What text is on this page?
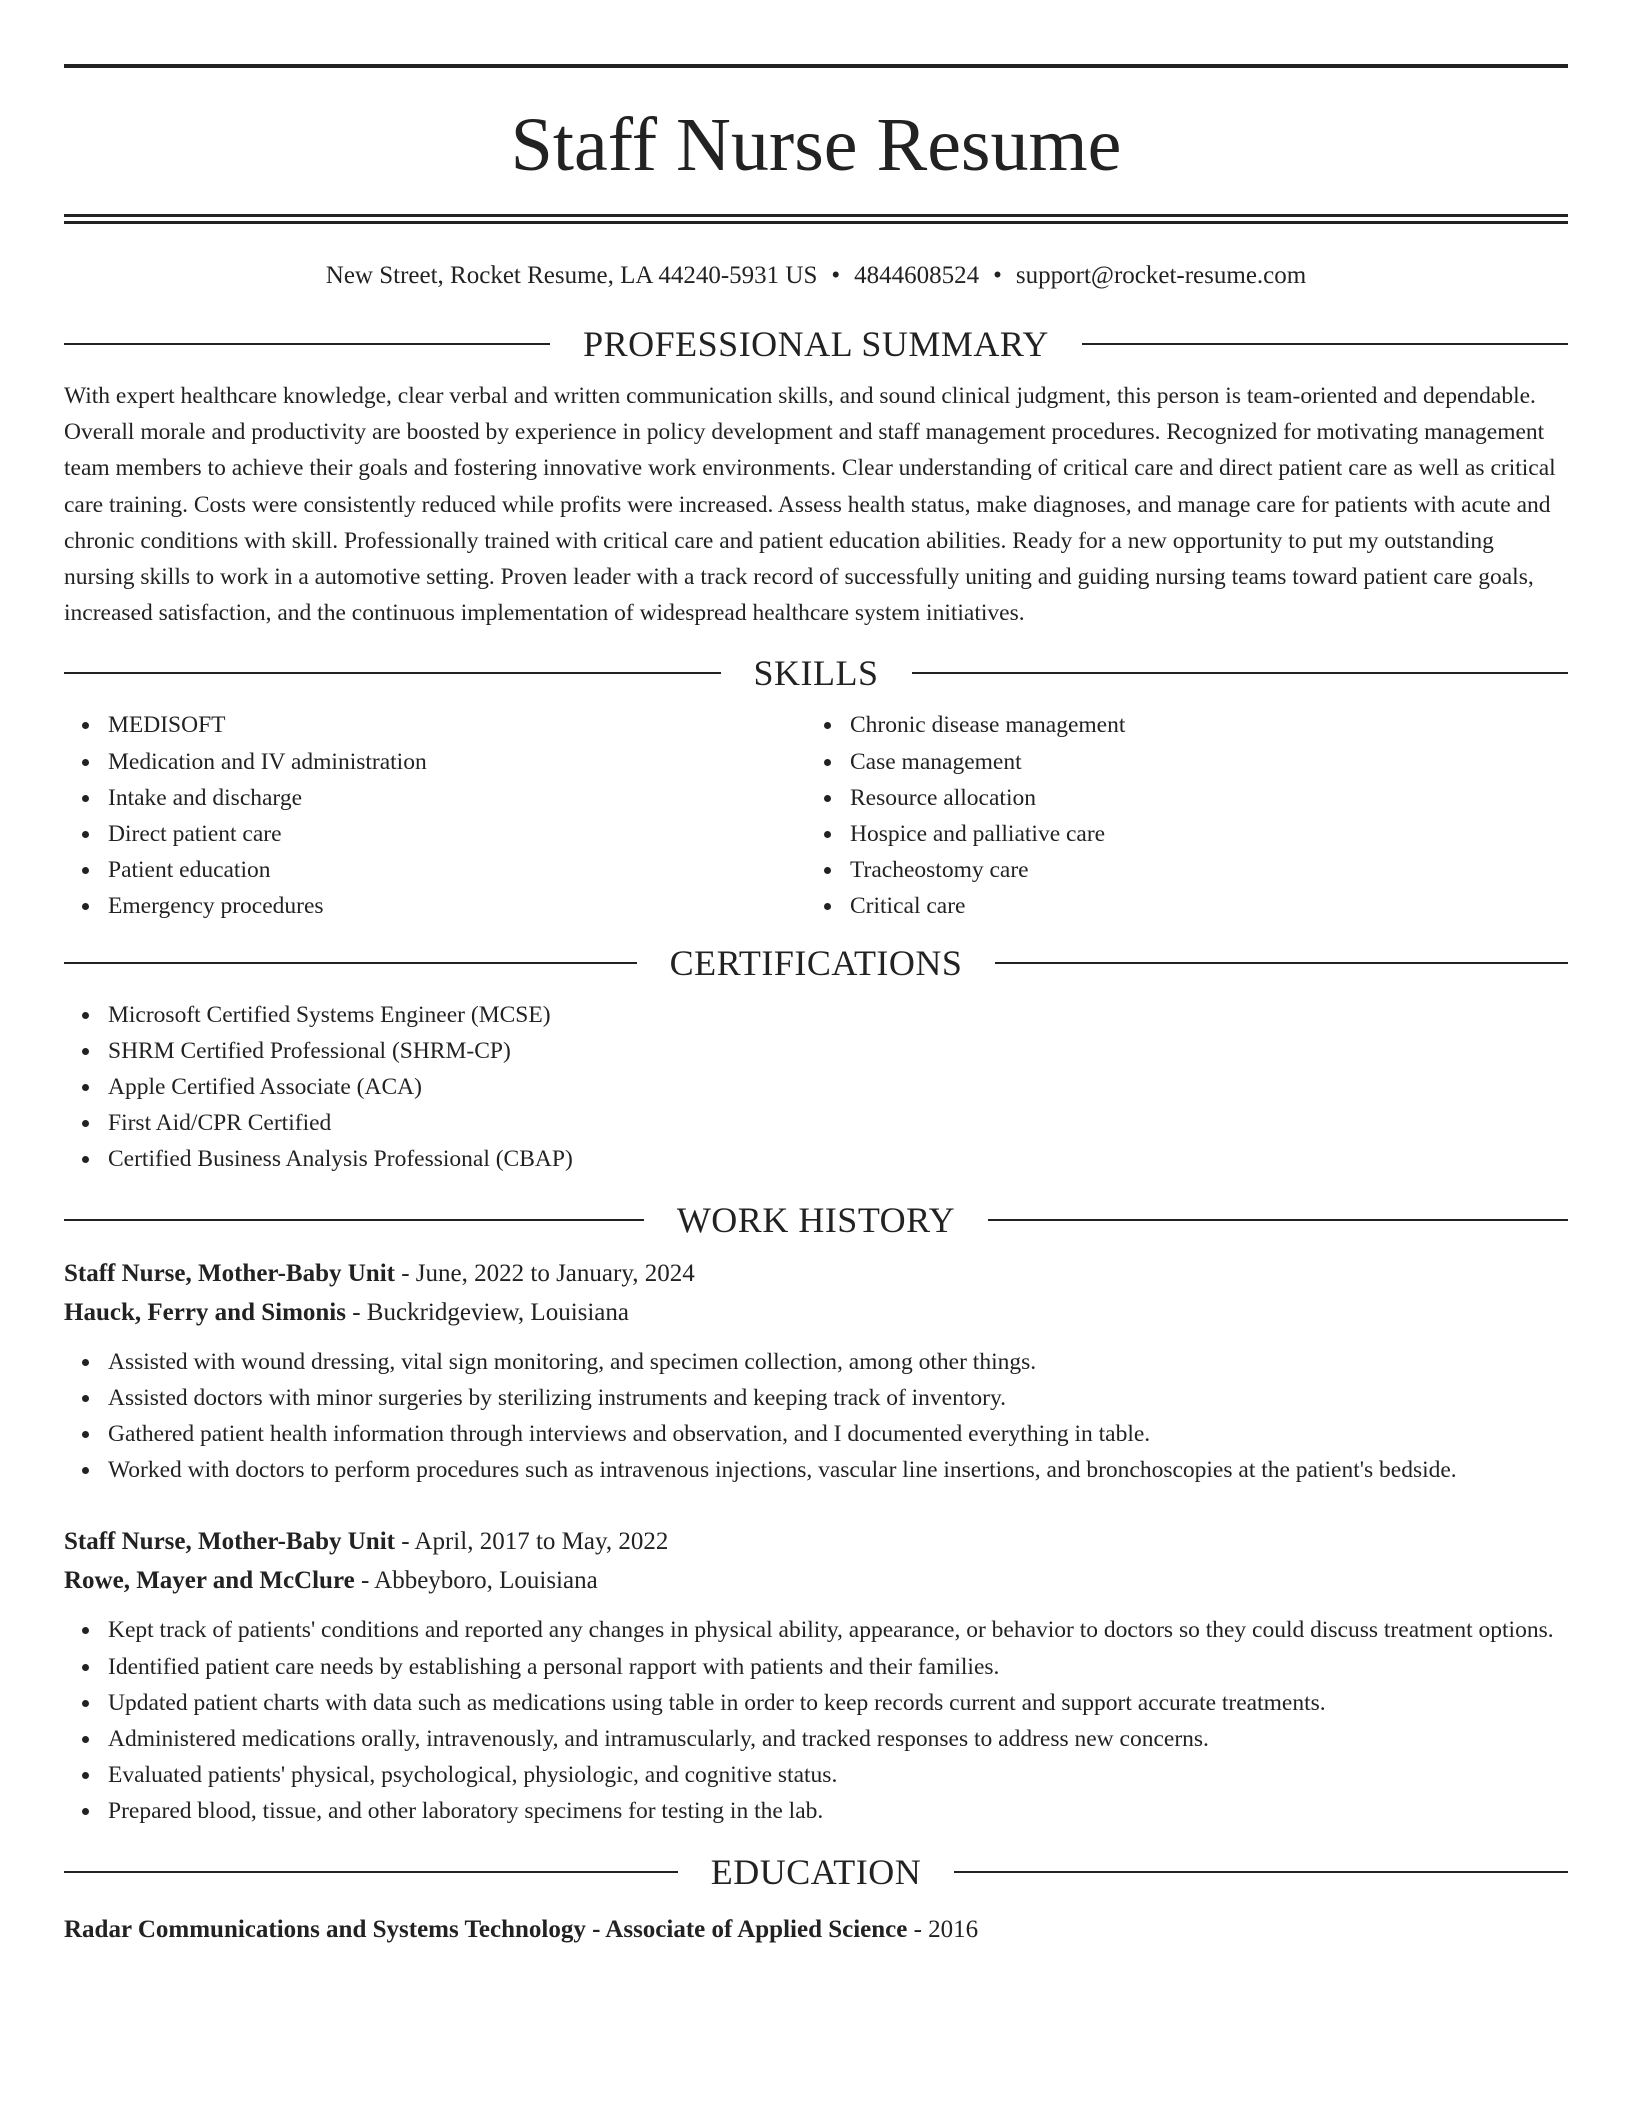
Staff Nurse Resume
New Street, Rocket Resume, LA 44240-5931 US • 4844608524 • support@rocket-resume.com
PROFESSIONAL SUMMARY

With expert healthcare knowledge, clear verbal and written communication skills, and sound clinical judgment, this person is team-oriented and dependable. Overall morale and productivity are boosted by experience in policy development and staff management procedures. Recognized for motivating management team members to achieve their goals and fostering innovative work environments. Clear understanding of critical care and direct patient care as well as critical care training. Costs were consistently reduced while profits were increased. Assess health status, make diagnoses, and manage care for patients with acute and chronic conditions with skill. Professionally trained with critical care and patient education abilities. Ready for a new opportunity to put my outstanding nursing skills to work in a automotive setting. Proven leader with a track record of successfully uniting and guiding nursing teams toward patient care goals, increased satisfaction, and the continuous implementation of widespread healthcare system initiatives.

SKILLS
MEDISOFT
Medication and IV administration
Intake and discharge
Direct patient care
Patient education
Emergency procedures
Chronic disease management
Case management
Resource allocation
Hospice and palliative care
Tracheostomy care
Critical care
CERTIFICATIONS
Microsoft Certified Systems Engineer (MCSE)
SHRM Certified Professional (SHRM-CP)
Apple Certified Associate (ACA)
First Aid/CPR Certified
Certified Business Analysis Professional (CBAP)
WORK HISTORY
Staff Nurse, Mother-Baby Unit - June, 2022 to January, 2024
Hauck, Ferry and Simonis - Buckridgeview, Louisiana
Assisted with wound dressing, vital sign monitoring, and specimen collection, among other things.
Assisted doctors with minor surgeries by sterilizing instruments and keeping track of inventory.
Gathered patient health information through interviews and observation, and I documented everything in table.
Worked with doctors to perform procedures such as intravenous injections, vascular line insertions, and bronchoscopies at the patient's bedside.
Staff Nurse, Mother-Baby Unit - April, 2017 to May, 2022
Rowe, Mayer and McClure - Abbeyboro, Louisiana
Kept track of patients' conditions and reported any changes in physical ability, appearance, or behavior to doctors so they could discuss treatment options.
Identified patient care needs by establishing a personal rapport with patients and their families.
Updated patient charts with data such as medications using table in order to keep records current and support accurate treatments.
Administered medications orally, intravenously, and intramuscularly, and tracked responses to address new concerns.
Evaluated patients' physical, psychological, physiologic, and cognitive status.
Prepared blood, tissue, and other laboratory specimens for testing in the lab.
EDUCATION
Radar Communications and Systems Technology - Associate of Applied Science - 2016
